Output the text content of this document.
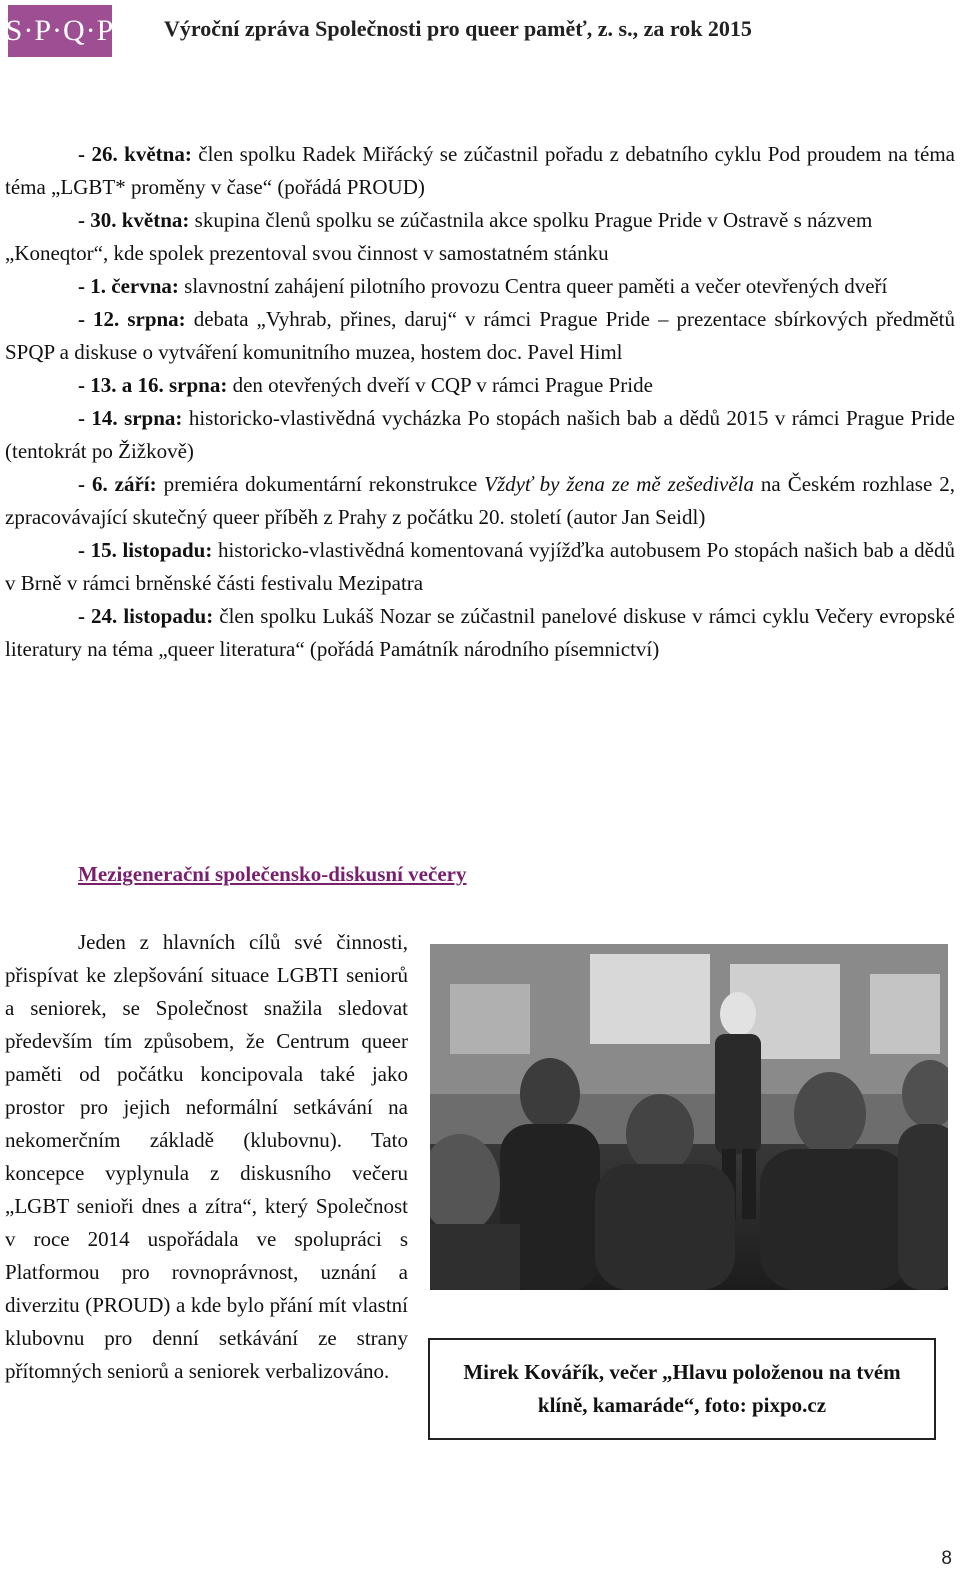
S·P·Q·P Výroční zpráva Společnosti pro queer paměť, z. s., za rok 2015

- 26. května: člen spolku Radek Miřácký se zúčastnil pořadu z debatního cyklu Pod proudem na téma téma „LGBT* proměny v čase“ (pořádá PROUD)

- 30. května: skupina členů spolku se zúčastnila akce spolku Prague Pride v Ostravě s názvem „Koneqtor“, kde spolek prezentoval svou činnost v samostatném stánku

- 1. června: slavnostní zahájení pilotního provozu Centra queer paměti a večer otevřených dveří

- 12. srpna: debata „Vyhrab, přines, daruj“ v rámci Prague Pride – prezentace sbírkových předmětů SPQP a diskuse o vytváření komunitního muzea, hostem doc. Pavel Himl

- 13. a 16. srpna: den otevřených dveří v CQP v rámci Prague Pride

- 14. srpna: historicko-vlastivědná vycházka Po stopách našich bab a dědů 2015 v rámci Prague Pride (tentokrát po Žižkově)

- 6. září: premiéra dokumentární rekonstrukce Vždyť by žena ze mě zešedivěla na Českém rozhlase 2, zpracovávající skutečný queer příběh z Prahy z počátku 20. století (autor Jan Seidl)

- 15. listopadu: historicko-vlastivědná komentovaná vyjížďka autobusem Po stopách našich bab a dědů v Brně v rámci brněnské části festivalu Mezipatra

- 24. listopadu: člen spolku Lukáš Nozar se zúčastnil panelové diskuse v rámci cyklu Večery evropské literatury na téma „queer literatura“ (pořádá Památník národního písemnictví)

Mezigenerační společensko-diskusní večery

Jeden z hlavních cílů své činnosti, přispívat ke zlepšování situace LGBTI seniorů a seniorek, se Společnost snažila sledovat především tím způsobem, že Centrum queer paměti od počátku koncipovala také jako prostor pro jejich neformální setkávání na nekomerčním základě (klubovnu). Tato koncepce vyplynula z diskusního večeru „LGBT senioři dnes a zítra“, který Společnost v roce 2014 uspořádala ve spolupráci s Platformou pro rovnoprávnost, uznání a diverzitu (PROUD) a kde bylo přání mít vlastní klubovnu pro denní setkávání ze strany přítomných seniorů a seniorek verbalizováno.	Mirek Kovářík, večer „Hlavu položenou na tvém klíně, kamaráde“, foto: pixpo.cz
8
